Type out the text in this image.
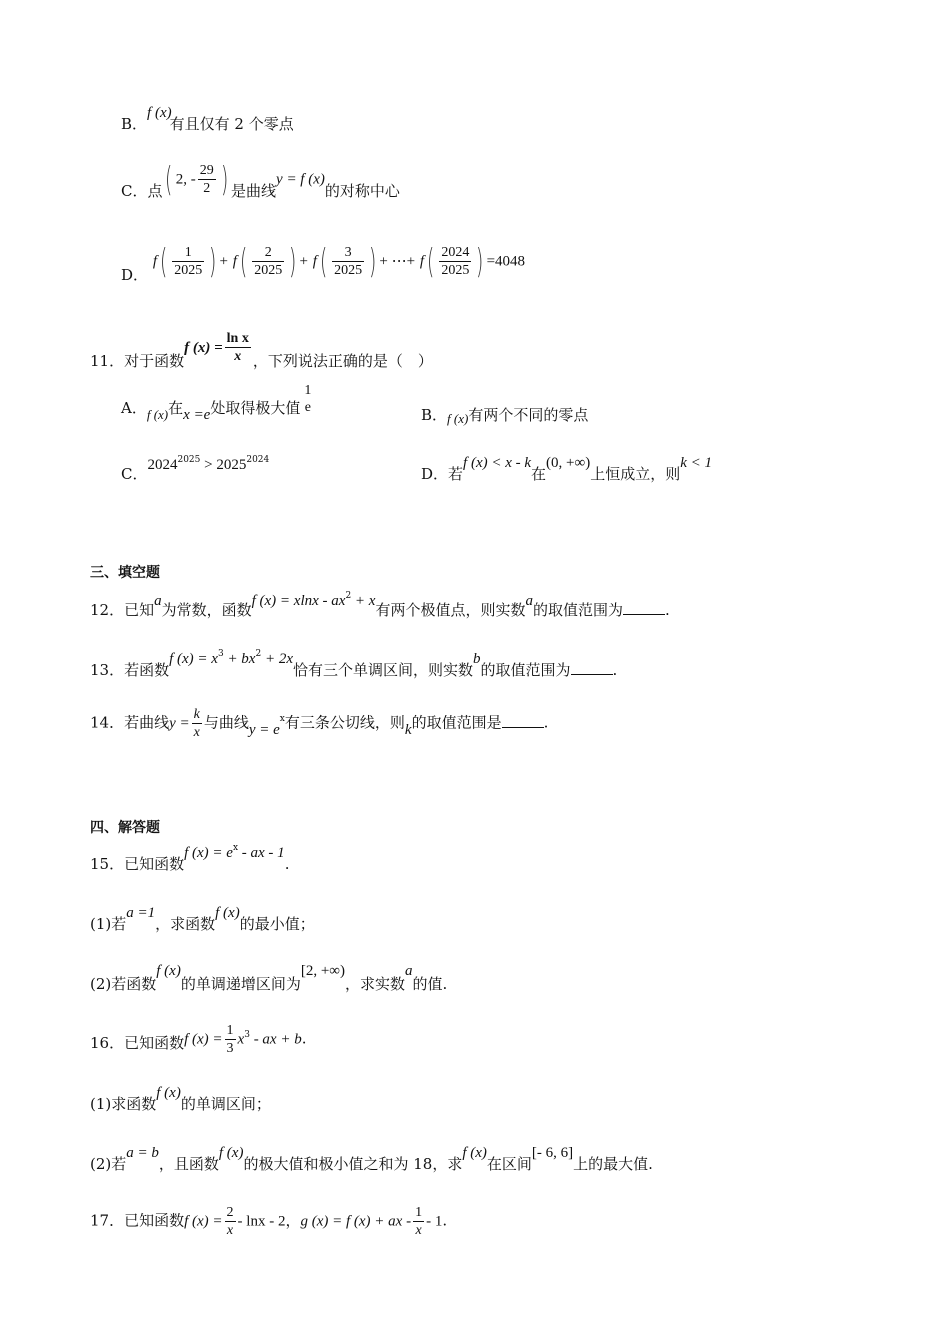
B．f (x)有且仅有 2 个零点
C．点( 2, - $\frac{29}{2}$ ) 是曲线y = f (x)的对称中心
D． $f( \frac{1}{2025}$ ) + $f( \frac{2}{2025}$ ) + $f( \frac{3}{2025}$ ) + ⋯+ $f( \frac{2024}{2025}$ ) =4048
11．对于函数f $(x) = \frac{\text{ln x}}{x}$ ，下列说法正确的是（　）
A．f (x)在x =e处取得极大值
1
e	B．f (x)有两个不同的零点
C．$2024^{2025} > 2025^{2024}$
D．若f (x) < x - k在(0, +∞)上恒成立，则k < 1
三、填空题
12．已知a为常数，函数f $(x) = xlnx - ax^2 + x$有两个极值点，则实数a的取值范围为	.
13．若函数f $(x) = x^3 + bx^2 + 2x$恰有三个单调区间，则实数b的取值范围为	.
14．若曲线$y = \frac{k}{x}$ 与曲线$y = e^x$有三条公切线，则k的取值范围是	.
四、解答题
15．已知函数f $(x) = e^x$ - ax - 1.
(1)若a =1，求函数f (x)的最小值；
(2)若函数f (x)的单调递增区间为[2, +∞)，求实数a的值.
16．已知函数f $(x) = \frac{1}{3} x^3$ - ax + b.
(1)求函数f (x)的单调区间；
(2)若a = b，且函数f (x)的极大值和极小值之和为 18，求f (x)在区间[- 6, 6]上的最大值.
17．已知函数f $(x) = \frac{2}{x} - \ln x - 2$，g (x) = f (x) + ax - $\frac{1}{x} - 1$.
